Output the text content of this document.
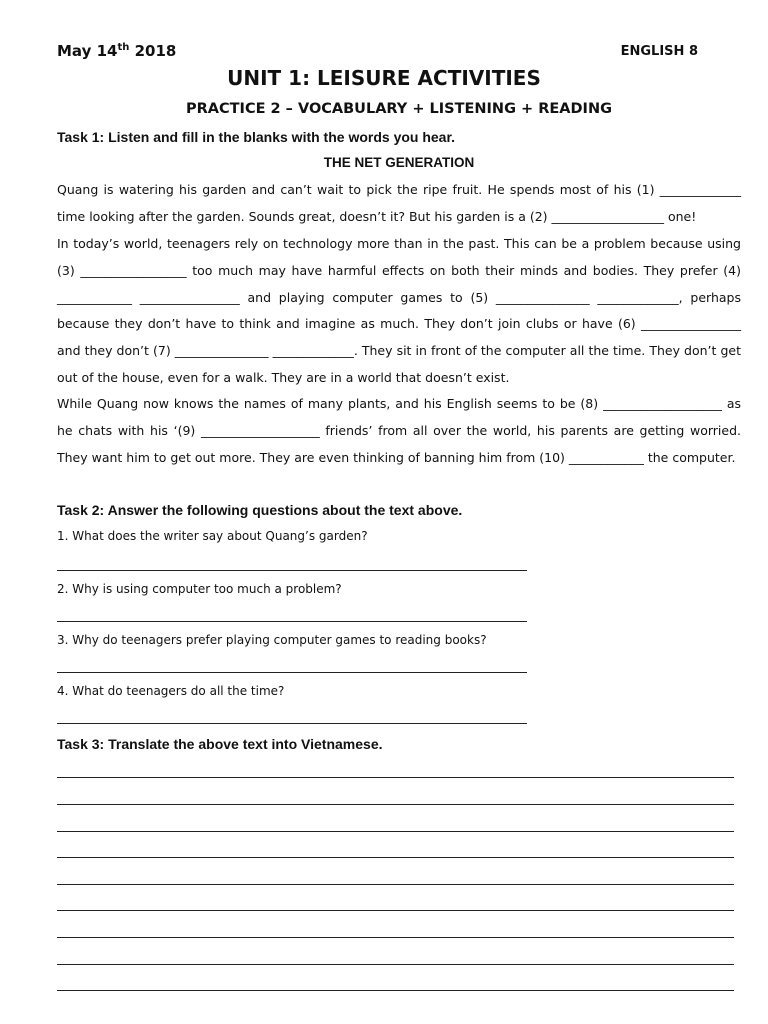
May 14th 2018	ENGLISH 8
UNIT 1: LEISURE ACTIVITIES
PRACTICE 2 – VOCABULARY + LISTENING + READING
Task 1: Listen and fill in the blanks with the words you hear.
THE NET GENERATION

Quang is watering his garden and can’t wait to pick the ripe fruit. He spends most of his (1) _____________ time looking after the garden. Sounds great, doesn’t it? But his garden is a (2) __________________ one!

In today’s world, teenagers rely on technology more than in the past. This can be a problem because using (3) _________________ too much may have harmful effects on both their minds and bodies. They prefer (4) ____________ ________________ and playing computer games to (5) _______________ _____________, perhaps because they don’t have to think and imagine as much. They don’t join clubs or have (6) ________________ and they don’t (7) _______________ _____________. They sit in front of the computer all the time. They don’t get out of the house, even for a walk. They are in a world that doesn’t exist.

While Quang now knows the names of many plants, and his English seems to be (8) ___________________ as he chats with his ‘(9) ___________________ friends’ from all over the world, his parents are getting worried. They want him to get out more. They are even thinking of banning him from (10) ____________ the computer.

Task 2: Answer the following questions about the text above.
1. What does the writer say about Quang’s garden?
2. Why is using computer too much a problem?
3. Why do teenagers prefer playing computer games to reading books?
4. What do teenagers do all the time?
Task 3: Translate the above text into Vietnamese.
